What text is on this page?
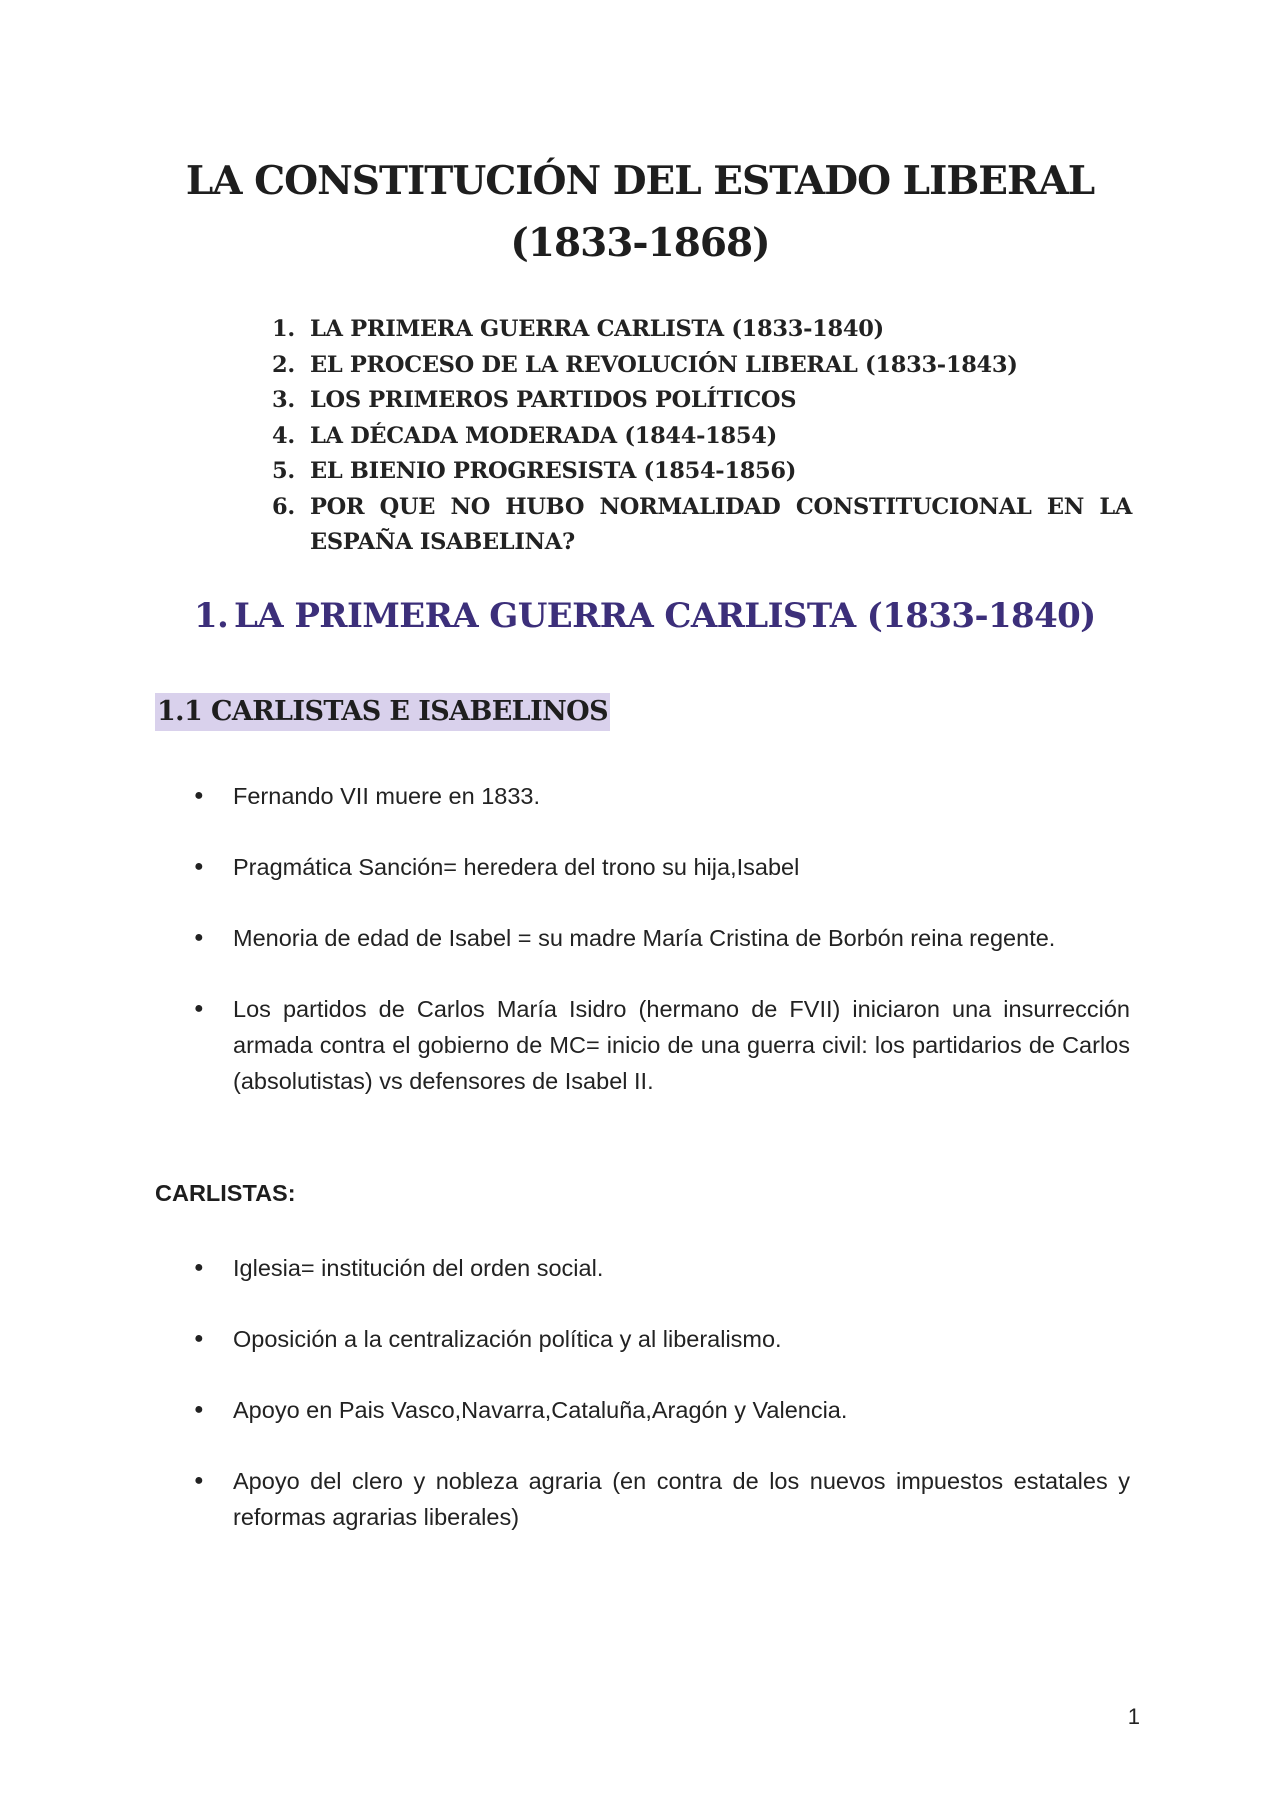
LA CONSTITUCIÓN DEL ESTADO LIBERAL
(1833-1868)
1. LA PRIMERA GUERRA CARLISTA (1833-1840)
2. EL PROCESO DE LA REVOLUCIÓN LIBERAL (1833-1843)
3. LOS PRIMEROS PARTIDOS POLÍTICOS
4. LA DÉCADA MODERADA (1844-1854)
5. EL BIENIO PROGRESISTA (1854-1856)
6. POR QUE NO HUBO NORMALIDAD CONSTITUCIONAL EN LA
ESPAÑA ISABELINA?
1. LA PRIMERA GUERRA CARLISTA (1833-1840)
1.1 CARLISTAS E ISABELINOS
● Fernando VII muere en 1833.
● Pragmática Sanción= heredera del trono su hija,Isabel
● Menoria de edad de Isabel = su madre María Cristina de Borbón reina regente.
● Los partidos de Carlos María Isidro (hermano de FVII) iniciaron una insurrección armada contra el gobierno de MC= inicio de una guerra civil: los partidarios de Carlos (absolutistas) vs defensores de Isabel II.
CARLISTAS:
● Iglesia= institución del orden social.
● Oposición a la centralización política y al liberalismo.
● Apoyo en Pais Vasco,Navarra,Cataluña,Aragón y Valencia.
● Apoyo del clero y nobleza agraria (en contra de los nuevos impuestos estatales y reformas agrarias liberales)
1
